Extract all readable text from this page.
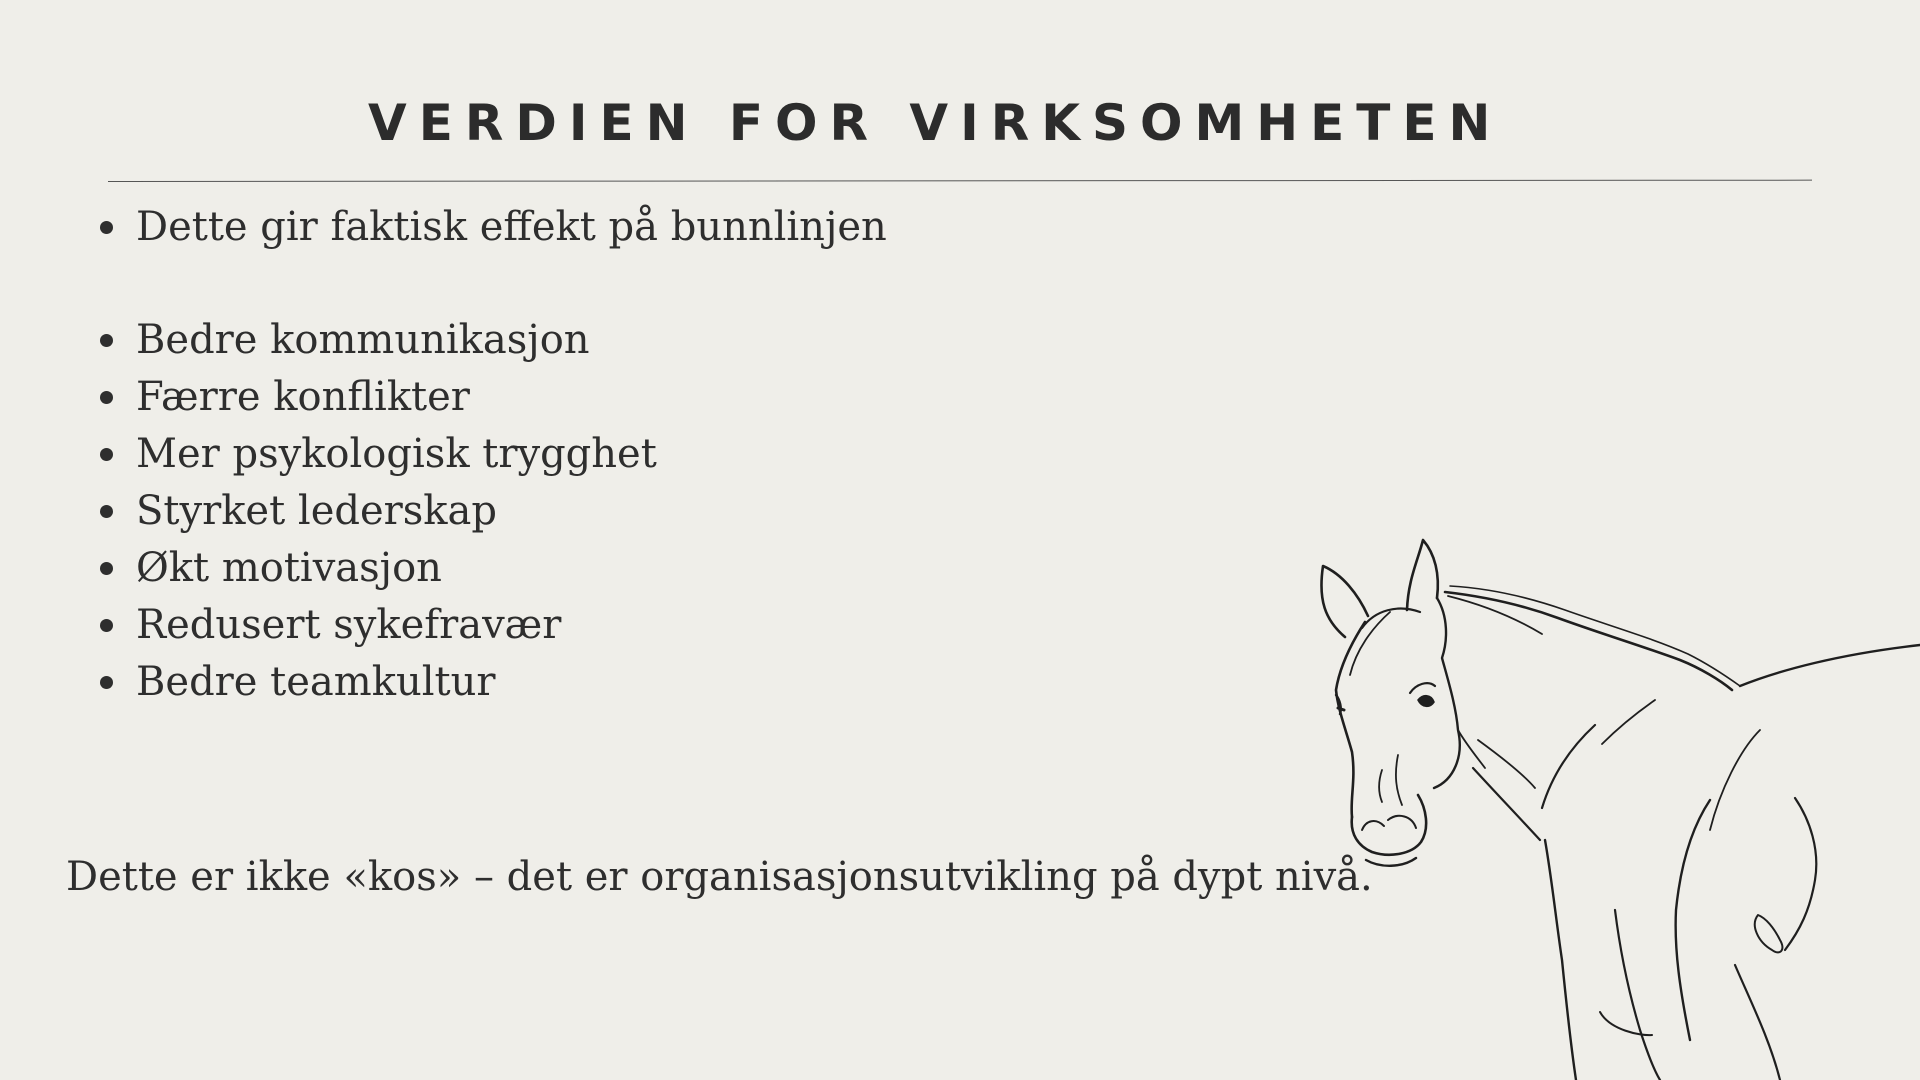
VERDIEN FOR VIRKSOMHETEN
Dette gir faktisk effekt på bunnlinjen
Bedre kommunikasjon
Færre konflikter
Mer psykologisk trygghet
Styrket lederskap
Økt motivasjon
Redusert sykefravær
Bedre teamkultur

Dette er ikke «kos» – det er organisasjonsutvikling på dypt nivå.
